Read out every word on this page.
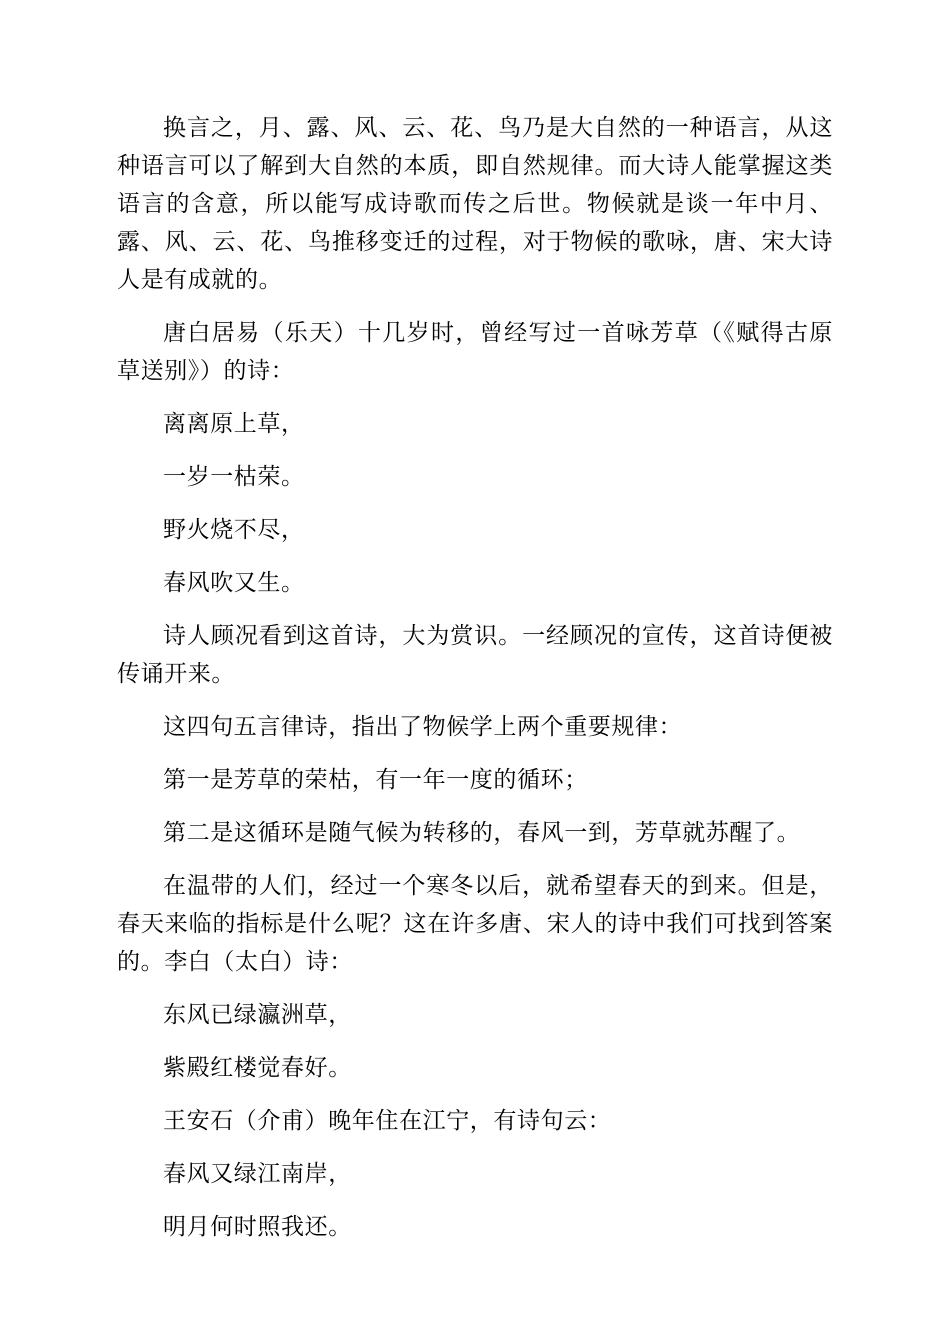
换言之，月、露、风、云、花、鸟乃是大自然的一种语言，从这种语言可以了解到大自然的本质，即自然规律。而大诗人能掌握这类语言的含意，所以能写成诗歌而传之后世。物候就是谈一年中月、露、风、云、花、鸟推移变迁的过程，对于物候的歌咏，唐、宋大诗人是有成就的。

唐白居易（乐天）十几岁时，曾经写过一首咏芳草（《赋得古原草送别》）的诗：

离离原上草，

一岁一枯荣。

野火烧不尽，

春风吹又生。

诗人顾况看到这首诗，大为赏识。一经顾况的宣传，这首诗便被传诵开来。

这四句五言律诗，指出了物候学上两个重要规律：

第一是芳草的荣枯，有一年一度的循环；

第二是这循环是随气候为转移的，春风一到，芳草就苏醒了。

在温带的人们，经过一个寒冬以后，就希望春天的到来。但是，春天来临的指标是什么呢？这在许多唐、宋人的诗中我们可找到答案的。李白（太白）诗：

东风已绿瀛洲草，

紫殿红楼觉春好。

王安石（介甫）晚年住在江宁，有诗句云：

春风又绿江南岸，

明月何时照我还。
